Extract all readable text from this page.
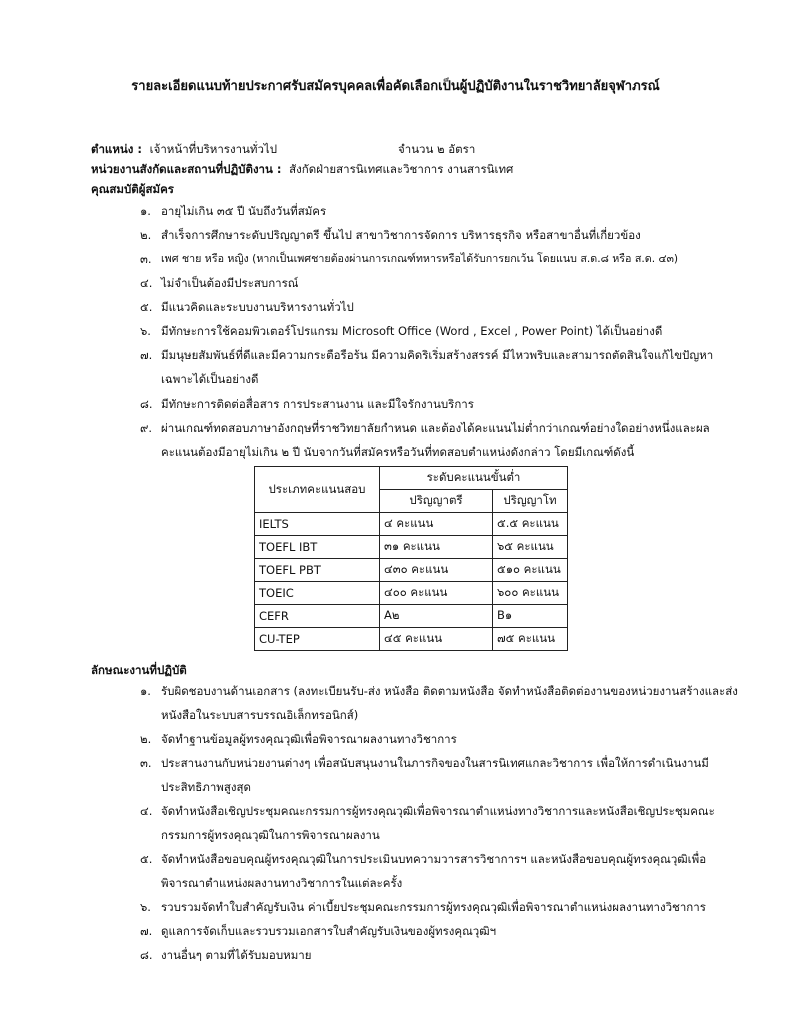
รายละเอียดแนบท้ายประกาศรับสมัครบุคคลเพื่อคัดเลือกเป็นผู้ปฏิบัติงานในราชวิทยาลัยจุฬาภรณ์
ตำแหน่ง : เจ้าหน้าที่บริหารงานทั่วไป	จำนวน ๒ อัตรา
หน่วยงานสังกัดและสถานที่ปฏิบัติงาน : สังกัดฝ่ายสารนิเทศและวิชาการ งานสารนิเทศ
คุณสมบัติผู้สมัคร
๑. อายุไม่เกิน ๓๕ ปี นับถึงวันที่สมัคร
๒. สำเร็จการศึกษาระดับปริญญาตรี ขึ้นไป สาขาวิชาการจัดการ บริหารธุรกิจ หรือสาขาอื่นที่เกี่ยวข้อง
๓. เพศ ชาย หรือ หญิง (หากเป็นเพศชายต้องผ่านการเกณฑ์ทหารหรือได้รับการยกเว้น โดยแนบ ส.ด.๘ หรือ ส.ด. ๔๓)
๔. ไม่จำเป็นต้องมีประสบการณ์
๕. มีแนวคิดและระบบงานบริหารงานทั่วไป
๖. มีทักษะการใช้คอมพิวเตอร์โปรแกรม Microsoft Office (Word , Excel , Power Point) ได้เป็นอย่างดี
๗. มีมนุษยสัมพันธ์ที่ดีและมีความกระตือรือร้น มีความคิดริเริ่มสร้างสรรค์ มีไหวพริบและสามารถตัดสินใจแก้ไขปัญหาเฉพาะได้เป็นอย่างดี
๘. มีทักษะการติดต่อสื่อสาร การประสานงาน และมีใจรักงานบริการ
๙. ผ่านเกณฑ์ทดสอบภาษาอังกฤษที่ราชวิทยาลัยกำหนด และต้องได้คะแนนไม่ต่ำกว่าเกณฑ์อย่างใดอย่างหนึ่งและผลคะแนนต้องมีอายุไม่เกิน ๒ ปี นับจากวันที่สมัครหรือวันที่ทดสอบตำแหน่งดังกล่าว โดยมีเกณฑ์ดังนี้
ประเภทคะแนนสอบ	ระดับคะแนนขั้นต่ำ	
	ปริญญาตรี	ปริญญาโท
IELTS	๔ คะแนน	๕.๕ คะแนน
TOEFL IBT	๓๑ คะแนน	๖๕ คะแนน
TOEFL PBT	๔๓๐ คะแนน	๕๑๐ คะแนน
TOEIC	๔๐๐ คะแนน	๖๐๐ คะแนน
CEFR	A๒	B๑
CU-TEP	๔๕ คะแนน	๗๕ คะแนน
ลักษณะงานที่ปฏิบัติ
๑. รับผิดชอบงานด้านเอกสาร (ลงทะเบียนรับ-ส่ง หนังสือ ติดตามหนังสือ จัดทำหนังสือติดต่องานของหน่วยงานสร้างและส่งหนังสือในระบบสารบรรณอิเล็กทรอนิกส์)
๒. จัดทำฐานข้อมูลผู้ทรงคุณวุฒิเพื่อพิจารณาผลงานทางวิชาการ
๓. ประสานงานกับหน่วยงานต่างๆ เพื่อสนับสนุนงานในภารกิจของในสารนิเทศแกละวิชาการ เพื่อให้การดำเนินงานมีประสิทธิภาพสูงสุด
๔. จัดทำหนังสือเชิญประชุมคณะกรรมการผู้ทรงคุณวุฒิเพื่อพิจารณาตำแหน่งทางวิชาการและหนังสือเชิญประชุมคณะกรรมการผู้ทรงคุณวุฒิในการพิจารณาผลงาน
๕. จัดทำหนังสือขอบคุณผู้ทรงคุณวุฒิในการประเมินบทความวารสารวิชาการฯ และหนังสือขอบคุณผู้ทรงคุณวุฒิเพื่อพิจารณาตำแหน่งผลงานทางวิชาการในแต่ละครั้ง
๖. รวบรวมจัดทำใบสำคัญรับเงิน ค่าเบี้ยประชุมคณะกรรมการผู้ทรงคุณวุฒิเพื่อพิจารณาตำแหน่งผลงานทางวิชาการ
๗. ดูแลการจัดเก็บและรวบรวมเอกสารใบสำคัญรับเงินของผู้ทรงคุณวุฒิฯ
๘. งานอื่นๆ ตามที่ได้รับมอบหมาย
